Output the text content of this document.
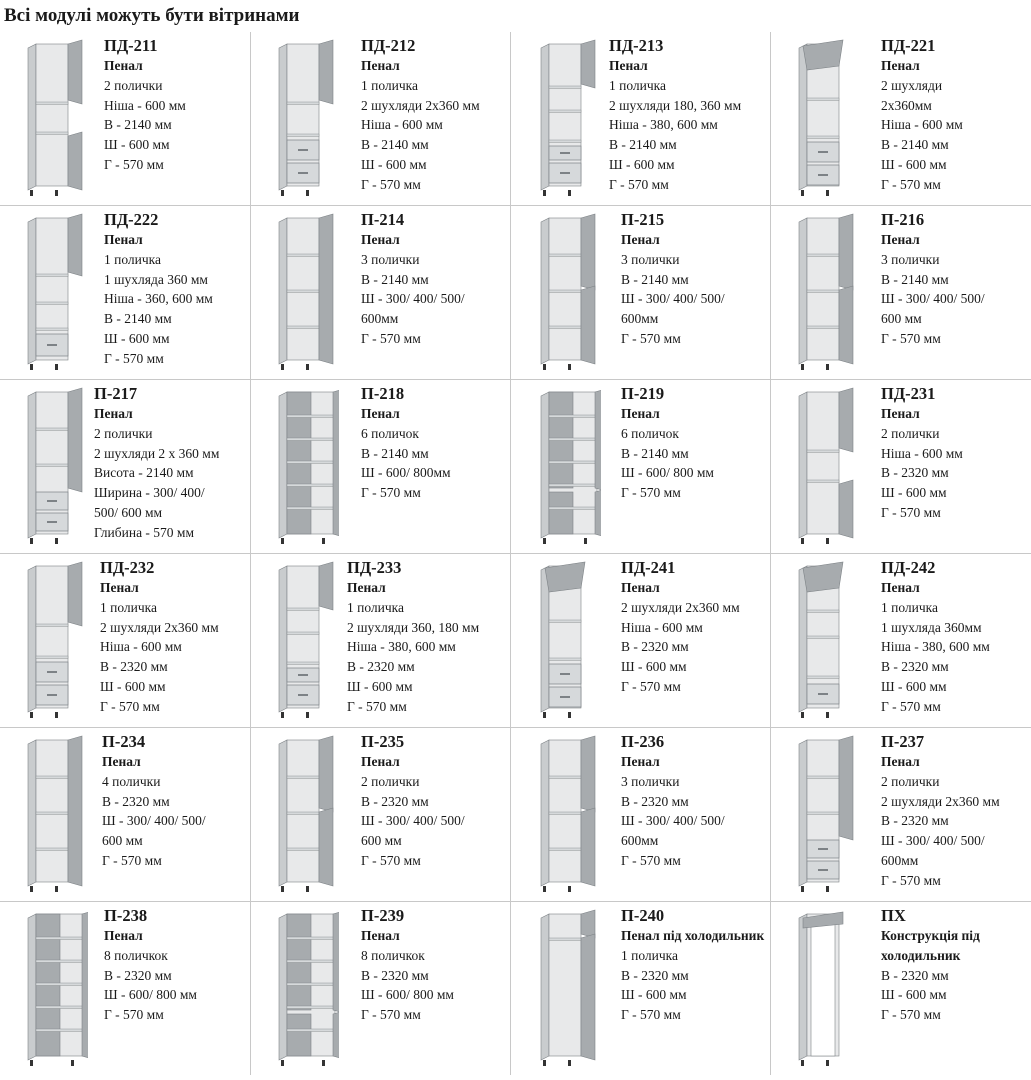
Всі модулі можуть бути вітринами
ПД-211
Пенал
2 полички
Ніша - 600 мм
В - 2140 мм
Ш - 600 мм
Г - 570 мм
ПД-212
Пенал
1 поличка
2 шухляди 2х360 мм
Ніша - 600 мм
В - 2140 мм
Ш - 600 мм
Г - 570 мм
ПД-213
Пенал
1 поличка
2 шухляди 180, 360 мм
Ніша - 380, 600 мм
В - 2140 мм
Ш - 600 мм
Г - 570 мм
ПД-221
Пенал
2 шухляди
2х360мм
Ніша - 600 мм
В - 2140 мм
Ш - 600 мм
Г - 570 мм
ПД-222
Пенал
1 поличка
1 шухляда 360 мм
Ніша - 360, 600 мм
В - 2140 мм
Ш - 600 мм
Г - 570 мм
П-214
Пенал
3 полички
В - 2140 мм
Ш - 300/ 400/ 500/
600мм
Г - 570 мм
П-215
Пенал
3 полички
В - 2140 мм
Ш - 300/ 400/ 500/
600мм
Г - 570 мм
П-216
Пенал
3 полички
В - 2140 мм
Ш - 300/ 400/ 500/
600 мм
Г - 570 мм
П-217
Пенал
2 полички
2 шухляди 2 х 360 мм
Висота - 2140 мм
Ширина - 300/ 400/
500/ 600 мм
Глибина - 570 мм
П-218
Пенал
6 поличок
В - 2140 мм
Ш - 600/ 800мм
Г - 570 мм
П-219
Пенал
6 поличок
В - 2140 мм
Ш - 600/ 800 мм
Г - 570 мм
ПД-231
Пенал
2 полички
Ніша - 600 мм
В - 2320 мм
Ш - 600 мм
Г - 570 мм
ПД-232
Пенал
1 поличка
2 шухляди 2х360 мм
Ніша - 600 мм
В - 2320 мм
Ш - 600 мм
Г - 570 мм
ПД-233
Пенал
1 поличка
2 шухляди 360, 180 мм
Ніша - 380, 600 мм
В - 2320 мм
Ш - 600 мм
Г - 570 мм
ПД-241
Пенал
2 шухляди 2х360 мм
Ніша - 600 мм
В - 2320 мм
Ш - 600 мм
Г - 570 мм
ПД-242
Пенал
1 поличка
1 шухляда 360мм
Ніша - 380, 600 мм
В - 2320 мм
Ш - 600 мм
Г - 570 мм
П-234
Пенал
4 полички
В - 2320 мм
Ш - 300/ 400/ 500/
600 мм
Г - 570 мм
П-235
Пенал
2 полички
В - 2320 мм
Ш - 300/ 400/ 500/
600 мм
Г - 570 мм
П-236
Пенал
3 полички
В - 2320 мм
Ш - 300/ 400/ 500/
600мм
Г - 570 мм
П-237
Пенал
2 полички
2 шухляди 2х360 мм
В - 2320 мм
Ш - 300/ 400/ 500/
600мм
Г - 570 мм
П-238
Пенал
8 поличкок
В - 2320 мм
Ш - 600/ 800 мм
Г - 570 мм
П-239
Пенал
8 поличкок
В - 2320 мм
Ш - 600/ 800 мм
Г - 570 мм
П-240
Пенал під холодильник
1 поличка
В - 2320 мм
Ш - 600 мм
Г - 570 мм
ПХ
Конструкція під холодильник
В - 2320 мм
Ш - 600 мм
Г - 570 мм
